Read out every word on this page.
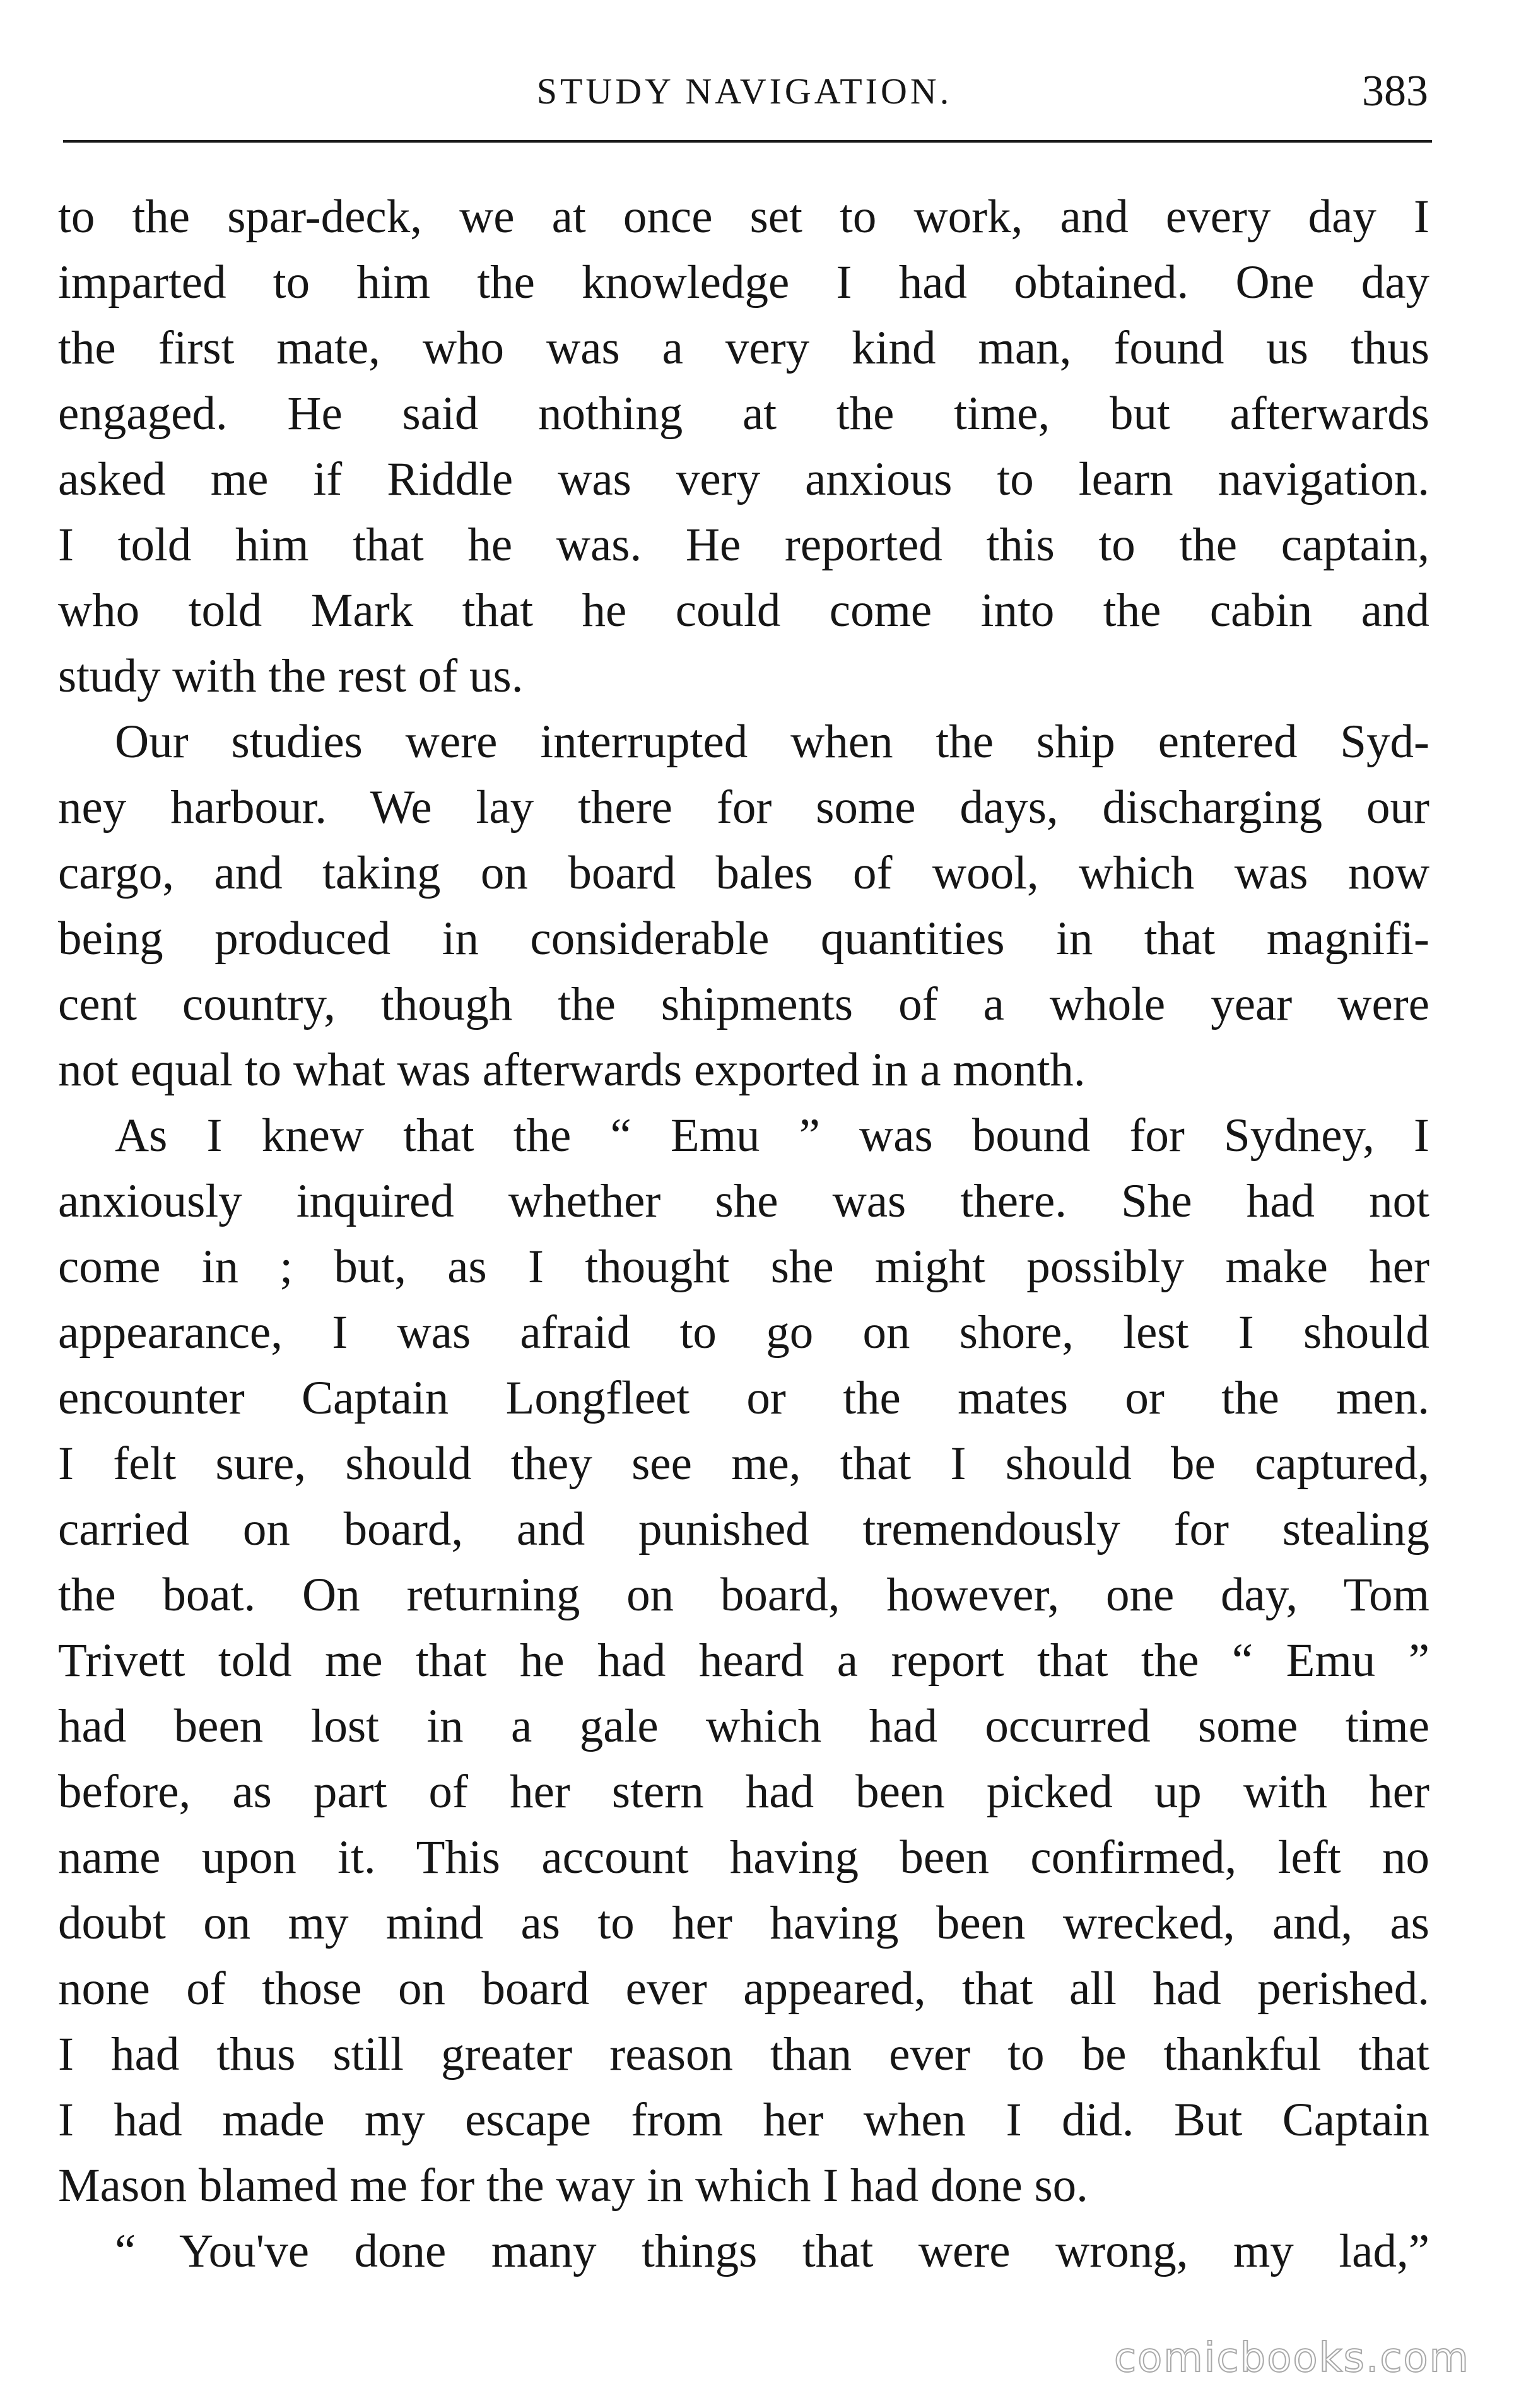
STUDY NAVIGATION.	383
to the spar-deck, we at once set to work, and every day I
imparted to him the knowledge I had obtained. One day
the first mate, who was a very kind man, found us thus
engaged. He said nothing at the time, but afterwards
asked me if Riddle was very anxious to learn navigation.
I told him that he was. He reported this to the captain,
who told Mark that he could come into the cabin and
study with the rest of us.
Our studies were interrupted when the ship entered Syd-
ney harbour. We lay there for some days, discharging our
cargo, and taking on board bales of wool, which was now
being produced in considerable quantities in that magnifi-
cent country, though the shipments of a whole year were
not equal to what was afterwards exported in a month.
As I knew that the “ Emu ” was bound for Sydney, I
anxiously inquired whether she was there. She had not
come in ; but, as I thought she might possibly make her
appearance, I was afraid to go on shore, lest I should
encounter Captain Longfleet or the mates or the men.
I felt sure, should they see me, that I should be captured,
carried on board, and punished tremendously for stealing
the boat. On returning on board, however, one day, Tom
Trivett told me that he had heard a report that the “ Emu ”
had been lost in a gale which had occurred some time
before, as part of her stern had been picked up with her
name upon it. This account having been confirmed, left no
doubt on my mind as to her having been wrecked, and, as
none of those on board ever appeared, that all had perished.
I had thus still greater reason than ever to be thankful that
I had made my escape from her when I did. But Captain
Mason blamed me for the way in which I had done so.
“ You've done many things that were wrong, my lad,”
comicbooks.com
